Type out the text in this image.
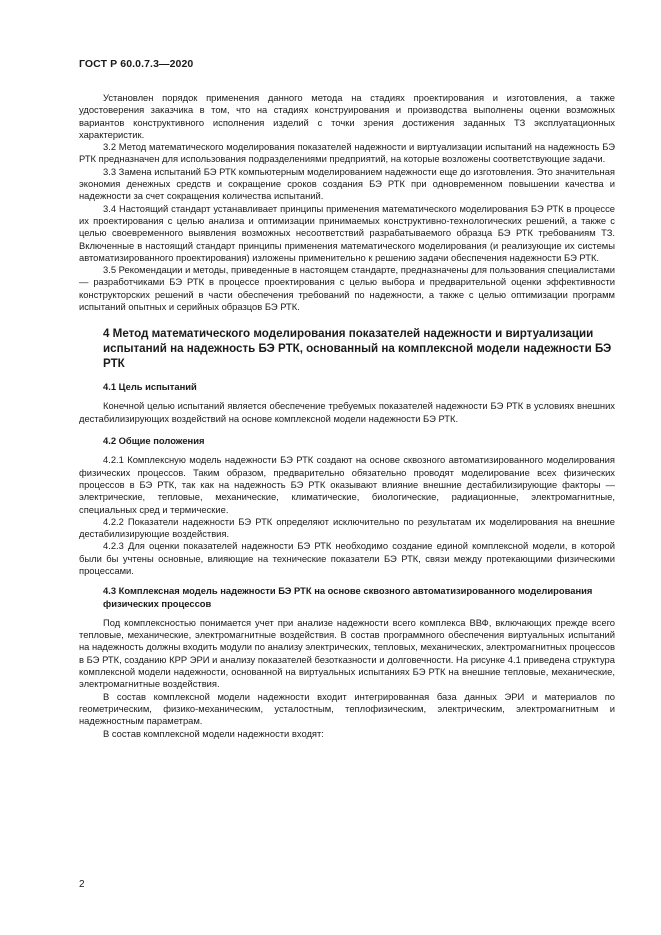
ГОСТ Р 60.0.7.3—2020

Установлен порядок применения данного метода на стадиях проектирования и изготовления, а также удостоверения заказчика в том, что на стадиях конструирования и производства выполнены оценки возможных вариантов конструктивного исполнения изделий с точки зрения достижения заданных ТЗ эксплуатационных характеристик.

3.2 Метод математического моделирования показателей надежности и виртуализации испытаний на надежность БЭ РТК предназначен для использования подразделениями предприятий, на которые возложены соответствующие задачи.

3.3 Замена испытаний БЭ РТК компьютерным моделированием надежности еще до изготовления. Это значительная экономия денежных средств и сокращение сроков создания БЭ РТК при одновременном повышении качества и надежности за счет сокращения количества испытаний.

3.4 Настоящий стандарт устанавливает принципы применения математического моделирования БЭ РТК в процессе их проектирования с целью анализа и оптимизации принимаемых конструктивно-технологических решений, а также с целью своевременного выявления возможных несоответствий разрабатываемого образца БЭ РТК требованиям ТЗ. Включенные в настоящий стандарт принципы применения математического моделирования (и реализующие их системы автоматизированного проектирования) изложены применительно к решению задачи обеспечения надежности БЭ РТК.

3.5 Рекомендации и методы, приведенные в настоящем стандарте, предназначены для пользования специалистами — разработчиками БЭ РТК в процессе проектирования с целью выбора и предварительной оценки эффективности конструкторских решений в части обеспечения требований по надежности, а также с целью оптимизации программ испытаний опытных и серийных образцов БЭ РТК.

4 Метод математического моделирования показателей надежности и виртуализации испытаний на надежность БЭ РТК, основанный на комплексной модели надежности БЭ РТК
4.1 Цель испытаний

Конечной целью испытаний является обеспечение требуемых показателей надежности БЭ РТК в условиях внешних дестабилизирующих воздействий на основе комплексной модели надежности БЭ РТК.

4.2 Общие положения

4.2.1 Комплексную модель надежности БЭ РТК создают на основе сквозного автоматизированного моделирования физических процессов. Таким образом, предварительно обязательно проводят моделирование всех физических процессов в БЭ РТК, так как на надежность БЭ РТК оказывают влияние внешние дестабилизирующие факторы — электрические, тепловые, механические, климатические, биологические, радиационные, электромагнитные, специальных сред и термические.

4.2.2 Показатели надежности БЭ РТК определяют исключительно по результатам их моделирования на внешние дестабилизирующие воздействия.

4.2.3 Для оценки показателей надежности БЭ РТК необходимо создание единой комплексной модели, в которой были бы учтены основные, влияющие на технические показатели БЭ РТК, связи между протекающими физическими процессами.

4.3 Комплексная модель надежности БЭ РТК на основе сквозного автоматизированного моделирования физических процессов

Под комплексностью понимается учет при анализе надежности всего комплекса ВВФ, включающих прежде всего тепловые, механические, электромагнитные воздействия. В состав программного обеспечения виртуальных испытаний на надежность должны входить модули по анализу электрических, тепловых, механических, электромагнитных процессов в БЭ РТК, созданию КРР ЭРИ и анализу показателей безотказности и долговечности. На рисунке 4.1 приведена структура комплексной модели надежности, основанной на виртуальных испытаниях БЭ РТК на внешние тепловые, механические, электромагнитные воздействия.

В состав комплексной модели надежности входит интегрированная база данных ЭРИ и материалов по геометрическим, физико-механическим, усталостным, теплофизическим, электрическим, электромагнитным и надежностным параметрам.

В состав комплексной модели надежности входят:

2
